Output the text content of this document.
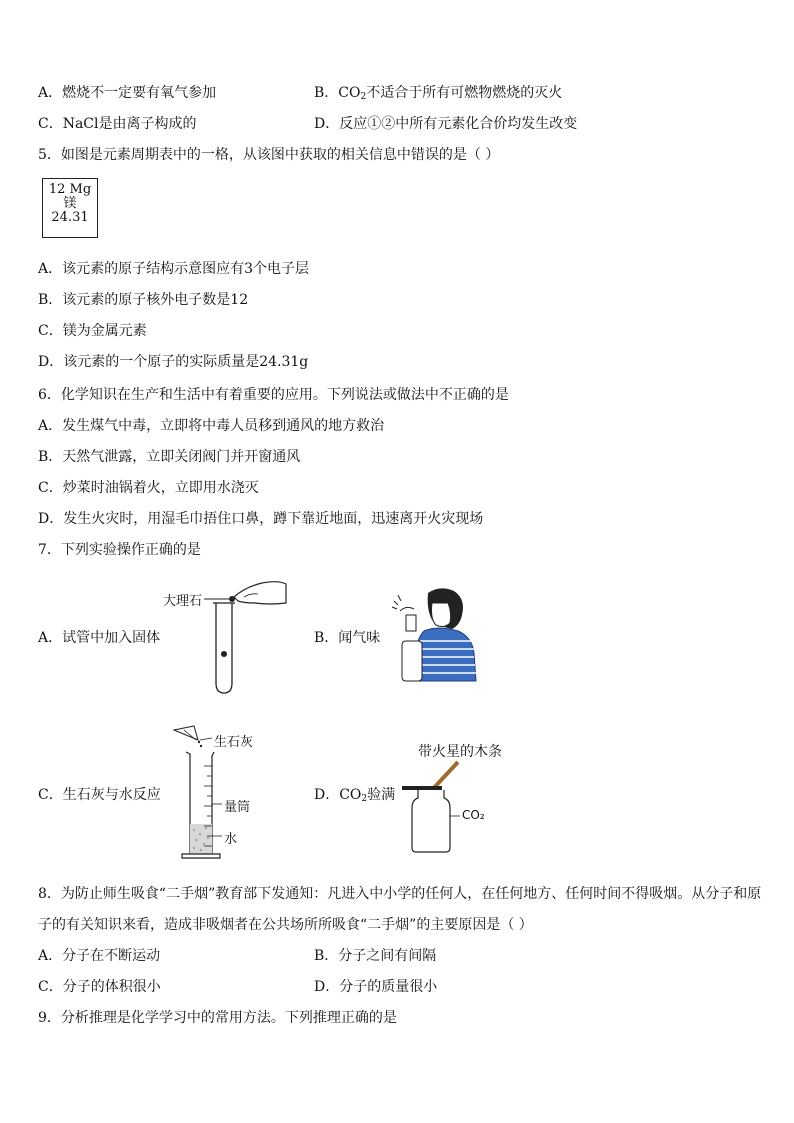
A．燃烧不一定要有氧气参加	B．$CO_2$不适合于所有可燃物燃烧的灭火
C．NaCl是由离子构成的	D．反应①②中所有元素化合价均发生改变
5．如图是元素周期表中的一格，从该图中获取的相关信息中错误的是（ ）
12 Mg
镁
24.31
A．该元素的原子结构示意图应有3个电子层
B．该元素的原子核外电子数是12
C．镁为金属元素
D．该元素的一个原子的实际质量是24.31g
6．化学知识在生产和生活中有着重要的应用。下列说法或做法中不正确的是
A．发生煤气中毒，立即将中毒人员移到通风的地方救治
B．天然气泄露，立即关闭阀门并开窗通风
C．炒菜时油锅着火，立即用水浇灭
D．发生火灾时，用湿毛巾捂住口鼻，蹲下靠近地面，迅速离开火灾现场
7．下列实验操作正确的是
A．试管中加入固体
大理石
B．闻气味
C．生石灰与水反应
生石灰
量筒
水
D．$CO_2$验满
带火星的木条
CO₂
8．为防止师生吸食“二手烟”教育部下发通知：凡进入中小学的任何人，在任何地方、任何时间不得吸烟。从分子和原
子的有关知识来看，造成非吸烟者在公共场所所吸食“二手烟”的主要原因是（ ）
A．分子在不断运动	B．分子之间有间隔
C．分子的体积很小	D．分子的质量很小
9．分析推理是化学学习中的常用方法。下列推理正确的是
